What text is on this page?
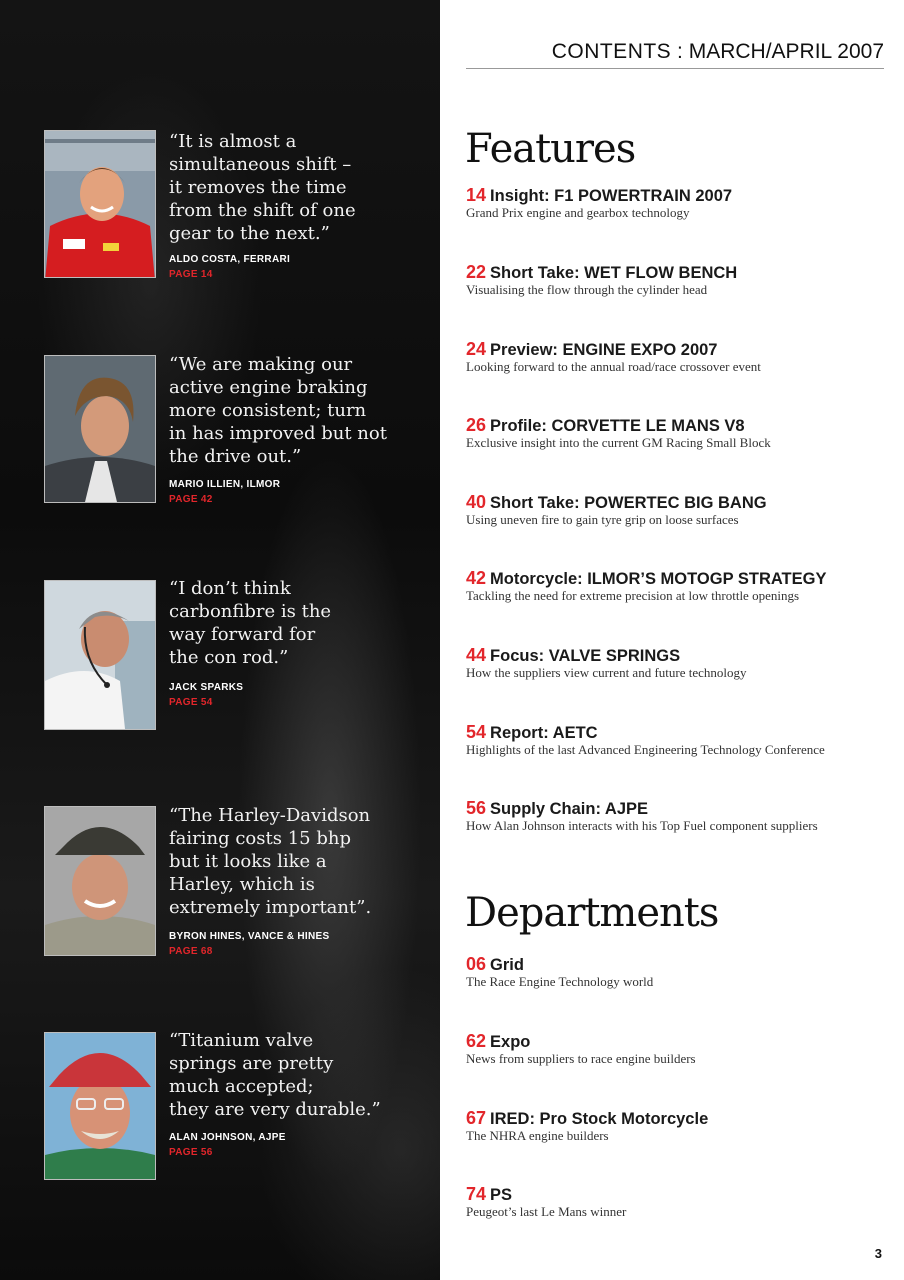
“It is almost a
simultaneous shift –
it removes the time
from the shift of one
gear to the next.”
ALDO COSTA, FERRARI
PAGE 14
“We are making our
active engine braking
more consistent; turn
in has improved but not
the drive out.”
MARIO ILLIEN, ILMOR
PAGE 42
“I don’t think
carbonfibre is the
way forward for
the con rod.”
JACK SPARKS
PAGE 54
“The Harley-Davidson
fairing costs 15 bhp
but it looks like a
Harley, which is
extremely important”.
BYRON HINES, VANCE & HINES
PAGE 68
“Titanium valve
springs are pretty
much accepted;
they are very durable.”
ALAN JOHNSON, AJPE
PAGE 56
CONTENTS : MARCH/APRIL 2007
Features
14 Insight: F1 POWERTRAIN 2007
Grand Prix engine and gearbox technology
22 Short Take: WET FLOW BENCH
Visualising the flow through the cylinder head
24 Preview: ENGINE EXPO 2007
Looking forward to the annual road/race crossover event
26 Profile: CORVETTE LE MANS V8
Exclusive insight into the current GM Racing Small Block
40 Short Take: POWERTEC BIG BANG
Using uneven fire to gain tyre grip on loose surfaces
42 Motorcycle: ILMOR’S MOTOGP STRATEGY
Tackling the need for extreme precision at low throttle openings
44 Focus: VALVE SPRINGS
How the suppliers view current and future technology
54 Report: AETC
Highlights of the last Advanced Engineering Technology Conference
56 Supply Chain: AJPE
How Alan Johnson interacts with his Top Fuel component suppliers
Departments
06 Grid
The Race Engine Technology world
62 Expo
News from suppliers to race engine builders
67 IRED: Pro Stock Motorcycle
The NHRA engine builders
74 PS
Peugeot’s last Le Mans winner
3
